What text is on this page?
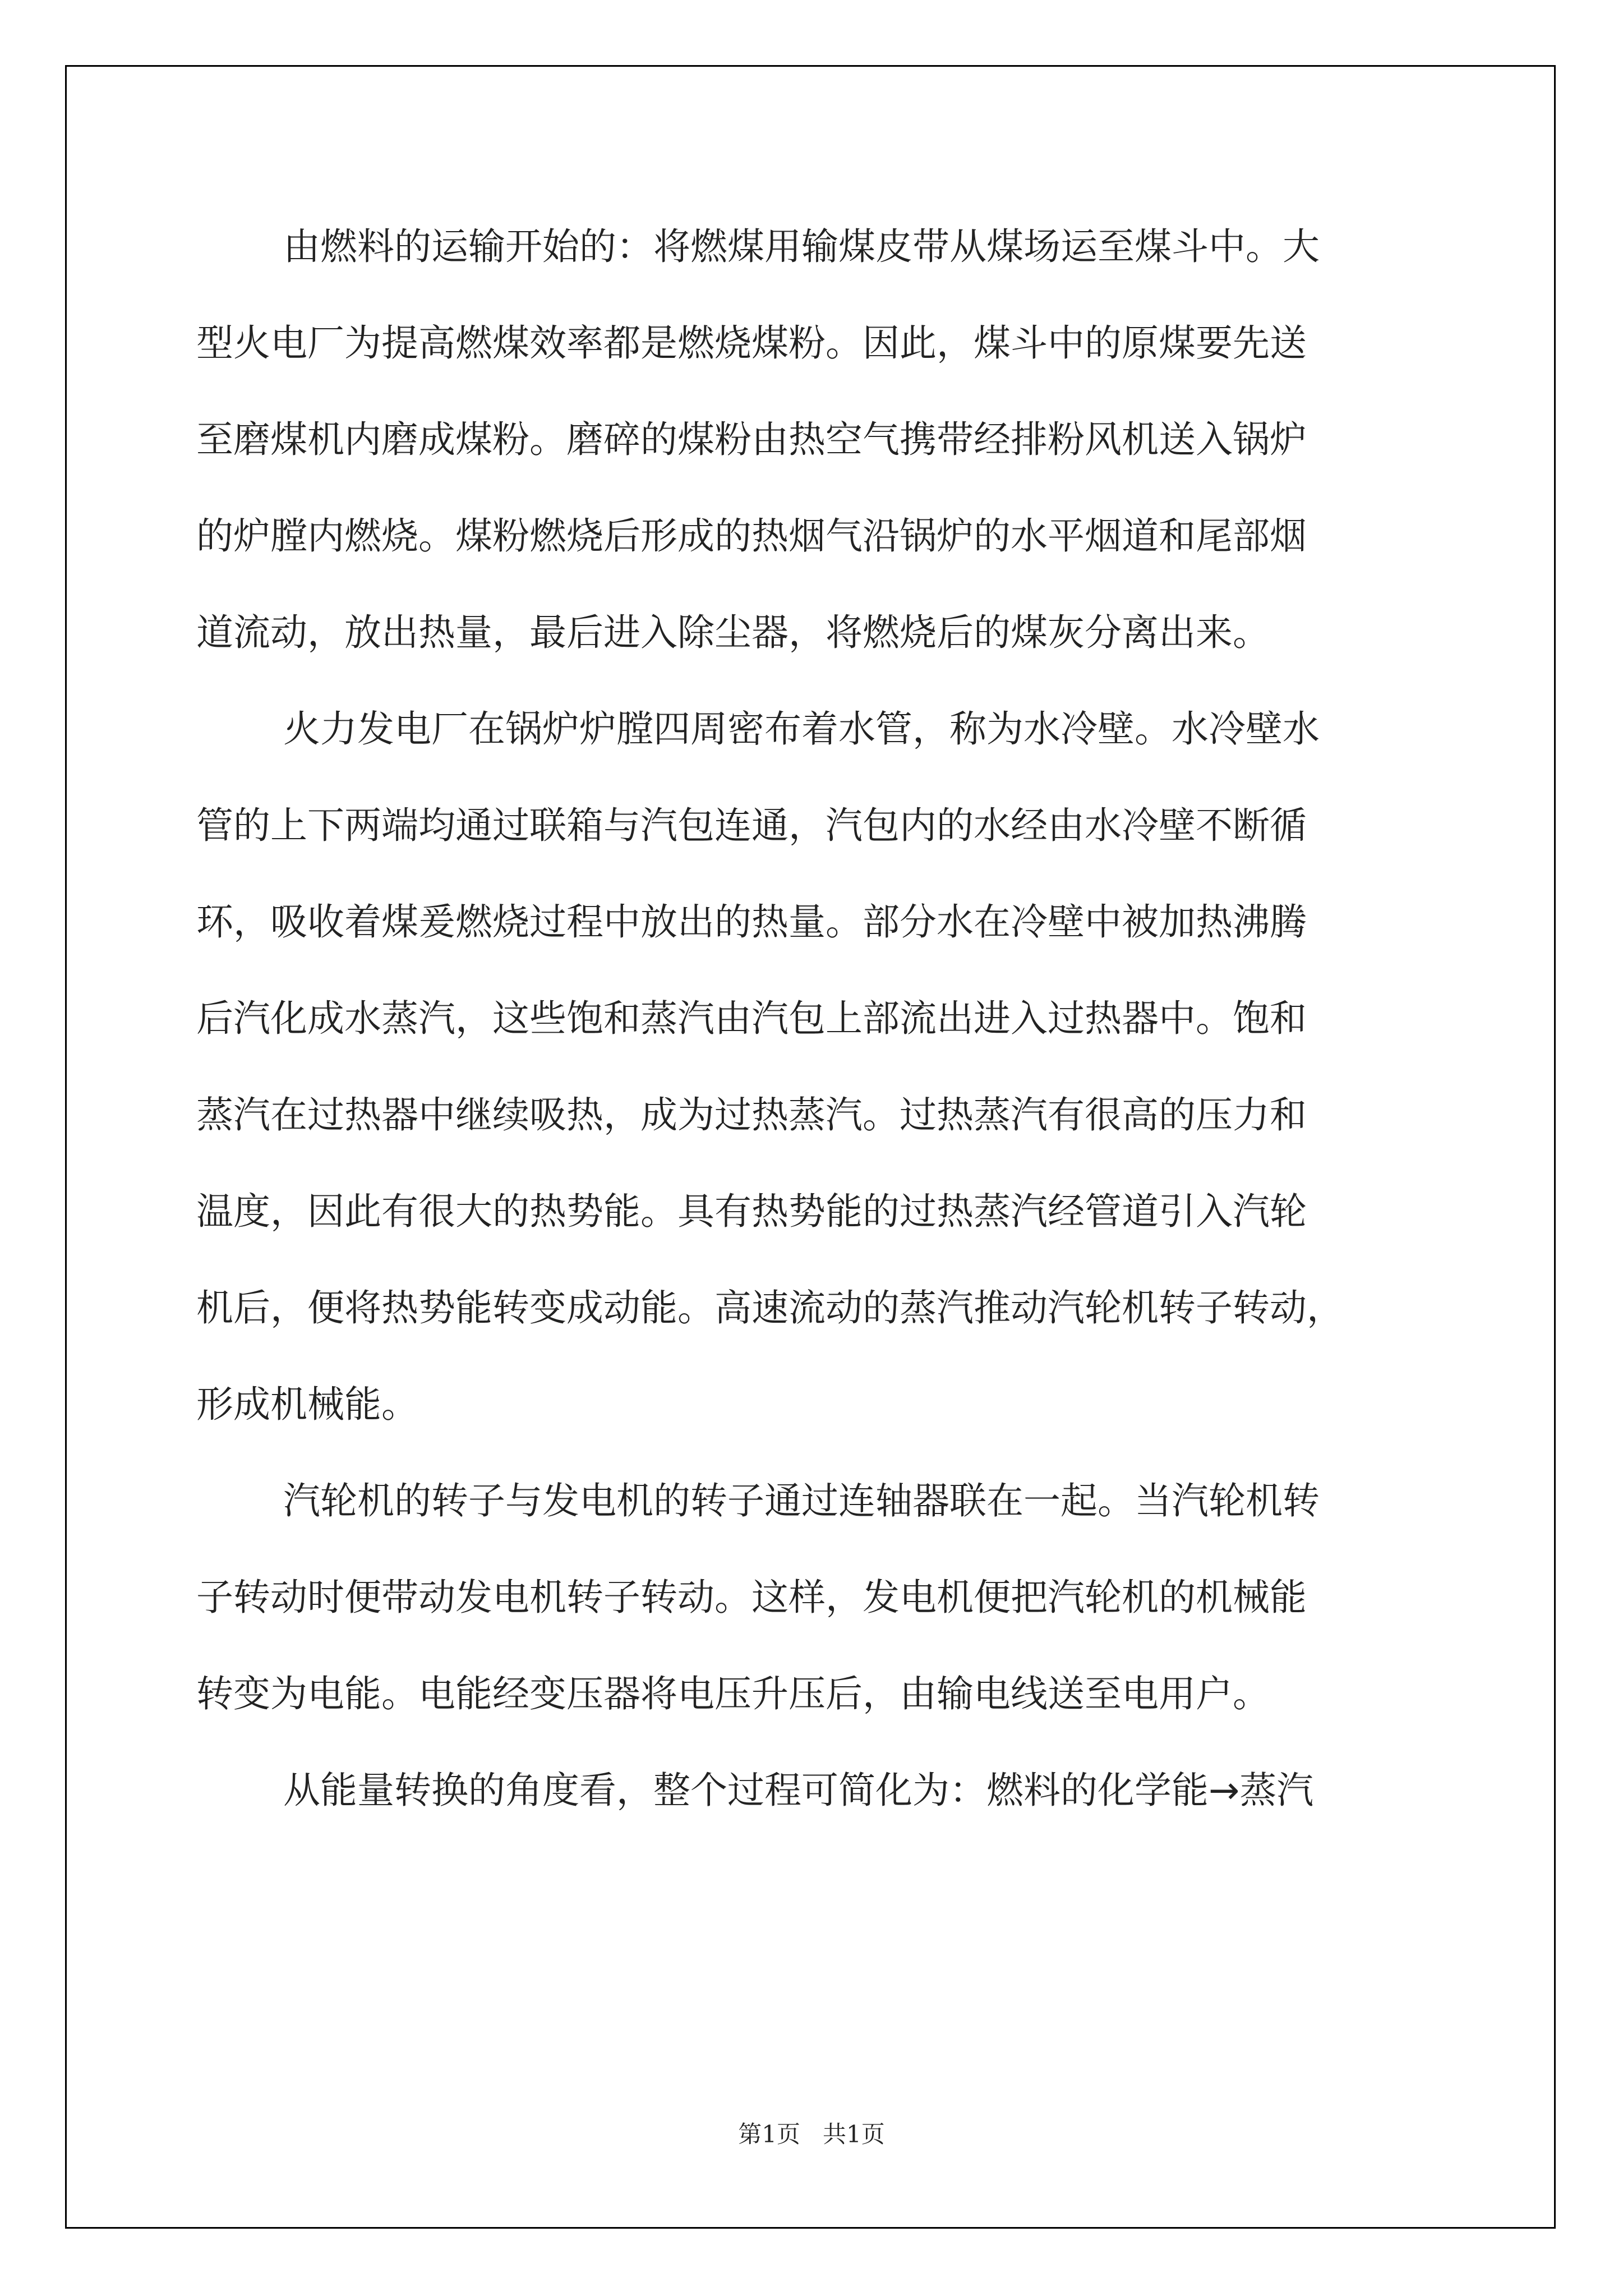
由燃料的运输开始的：将燃煤用输煤皮带从煤场运至煤斗中。大
型火电厂为提高燃煤效率都是燃烧煤粉。因此，煤斗中的原煤要先送
至磨煤机内磨成煤粉。磨碎的煤粉由热空气携带经排粉风机送入锅炉
的炉膛内燃烧。煤粉燃烧后形成的热烟气沿锅炉的水平烟道和尾部烟
道流动，放出热量，最后进入除尘器，将燃烧后的煤灰分离出来。
火力发电厂在锅炉炉膛四周密布着水管，称为水冷壁。水冷壁水
管的上下两端均通过联箱与汽包连通，汽包内的水经由水冷壁不断循
环，吸收着煤爰燃烧过程中放出的热量。部分水在冷壁中被加热沸腾
后汽化成水蒸汽，这些饱和蒸汽由汽包上部流出进入过热器中。饱和
蒸汽在过热器中继续吸热，成为过热蒸汽。过热蒸汽有很高的压力和
温度，因此有很大的热势能。具有热势能的过热蒸汽经管道引入汽轮
机后，便将热势能转变成动能。高速流动的蒸汽推动汽轮机转子转动，
形成机械能。
汽轮机的转子与发电机的转子通过连轴器联在一起。当汽轮机转
子转动时便带动发电机转子转动。这样，发电机便把汽轮机的机械能
转变为电能。电能经变压器将电压升压后，由输电线送至电用户。
从能量转换的角度看，整个过程可简化为：燃料的化学能→蒸汽
第1页   共1页
